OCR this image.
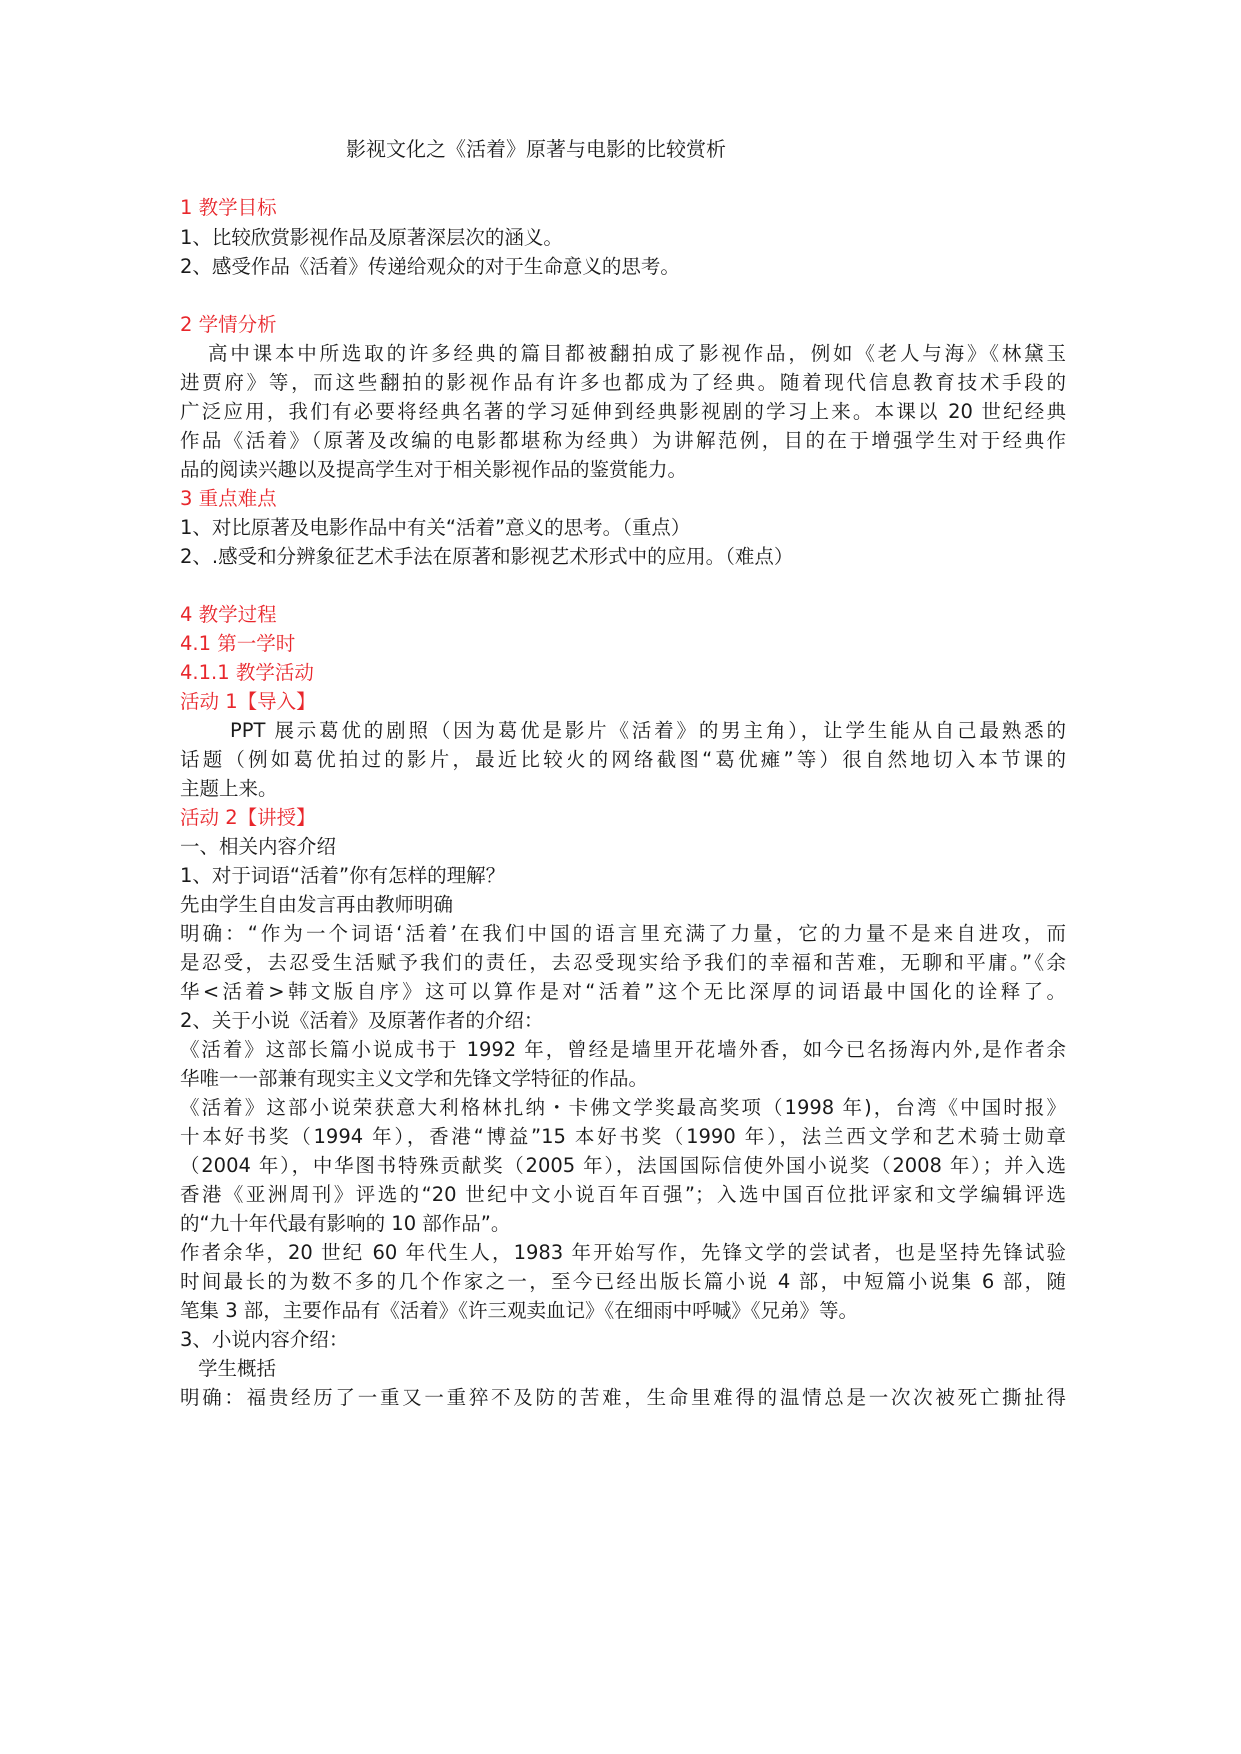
影视文化之《活着》原著与电影的比较赏析
1 教学目标
1、比较欣赏影视作品及原著深层次的涵义。
2、感受作品《活着》传递给观众的对于生命意义的思考。
2 学情分析
高中课本中所选取的许多经典的篇目都被翻拍成了影视作品，例如《老人与海》《林黛玉
进贾府》等，而这些翻拍的影视作品有许多也都成为了经典。随着现代信息教育技术手段的
广泛应用，我们有必要将经典名著的学习延伸到经典影视剧的学习上来。本课以 20 世纪经典
作品《活着》（原著及改编的电影都堪称为经典）为讲解范例，目的在于增强学生对于经典作
品的阅读兴趣以及提高学生对于相关影视作品的鉴赏能力。
3 重点难点
1、对比原著及电影作品中有关“活着”意义的思考。（重点）
2、.感受和分辨象征艺术手法在原著和影视艺术形式中的应用。（难点）
4 教学过程
4.1 第一学时
4.1.1 教学活动
活动 1【导入】
PPT 展示葛优的剧照（因为葛优是影片《活着》的男主角），让学生能从自己最熟悉的
话题（例如葛优拍过的影片，最近比较火的网络截图“葛优瘫”等）很自然地切入本节课的
主题上来。
活动 2【讲授】
一、相关内容介绍
1、对于词语“活着”你有怎样的理解？
先由学生自由发言再由教师明确
明确：“作为一个词语‘活着’在我们中国的语言里充满了力量，它的力量不是来自进攻，而
是忍受，去忍受生活赋予我们的责任，去忍受现实给予我们的幸福和苦难，无聊和平庸。”《余
华<活着>韩文版自序》这可以算作是对“活着”这个无比深厚的词语最中国化的诠释了。
2、关于小说《活着》及原著作者的介绍：
《活着》这部长篇小说成书于 1992 年，曾经是墙里开花墙外香，如今已名扬海内外,是作者余
华唯一一部兼有现实主义文学和先锋文学特征的作品。
《活着》这部小说荣获意大利格林扎纳・卡佛文学奖最高奖项（1998 年)，台湾《中国时报》
十本好书奖（1994 年），香港“博益”15 本好书奖（1990 年），法兰西文学和艺术骑士勋章
（2004 年），中华图书特殊贡献奖（2005 年），法国国际信使外国小说奖（2008 年）；并入选
香港《亚洲周刊》评选的“20 世纪中文小说百年百强”；入选中国百位批评家和文学编辑评选
的“九十年代最有影响的 10 部作品”。
作者余华，20 世纪 60 年代生人，1983 年开始写作，先锋文学的尝试者，也是坚持先锋试验
时间最长的为数不多的几个作家之一，至今已经出版长篇小说 4 部，中短篇小说集 6 部，随
笔集 3 部，主要作品有《活着》《许三观卖血记》《在细雨中呼喊》《兄弟》等。
3、小说内容介绍：
学生概括
明确：福贵经历了一重又一重猝不及防的苦难，生命里难得的温情总是一次次被死亡撕扯得
